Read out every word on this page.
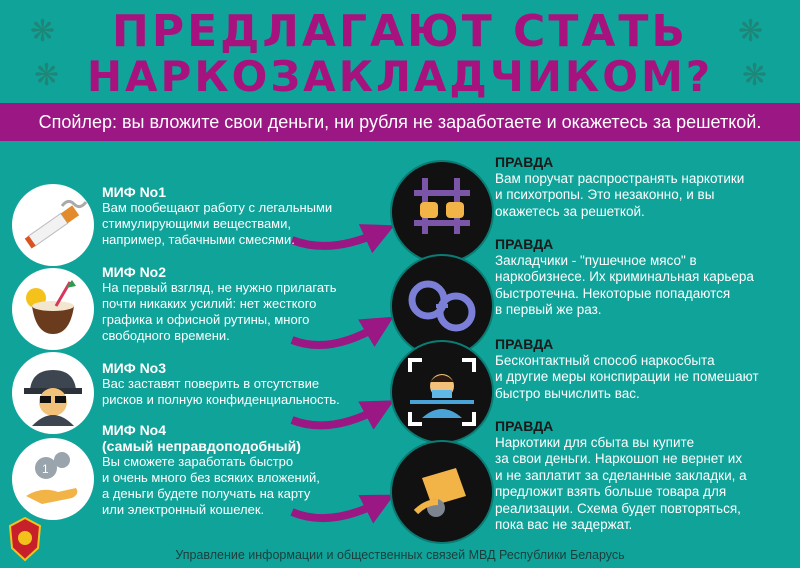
❋
❋
❋
❋
ПРЕДЛАГАЮТ СТАТЬ
НАРКОЗАКЛАДЧИКОМ?
Спойлер: вы вложите свои деньги, ни рубля не заработаете и окажетесь за решеткой.
1
МИФ No1
Вам пообещают работу с легальными
стимулирующими веществами,
например, табачными смесями.
МИФ No2
На первый взгляд, не нужно прилагать
почти никаких усилий: нет жесткого
графика и офисной рутины, много
свободного времени.
МИФ No3
Вас заставят поверить в отсутствие
рисков и полную конфиденциальность.
МИФ No4
(самый неправдоподобный)
Вы сможете заработать быстро
и очень много без всяких вложений,
а деньги будете получать на карту
или электронный кошелек.
ПРАВДА
Вам поручат распространять наркотики
и психотропы. Это незаконно, и вы
окажетесь за решеткой.
ПРАВДА
Закладчики - "пушечное мясо" в
наркобизнесе. Их криминальная карьера
быстротечна. Некоторые попадаются
в первый же раз.
ПРАВДА
Бесконтактный способ наркосбыта
и другие меры конспирации не помешают
быстро вычислить вас.
ПРАВДА
Наркотики для сбыта вы купите
за свои деньги. Наркошоп не вернет их
и не заплатит за сделанные закладки, а
предложит взять больше товара для
реализации. Схема будет повторяться,
пока вас не задержат.
Управление информации и общественных связей МВД Республики Беларусь
